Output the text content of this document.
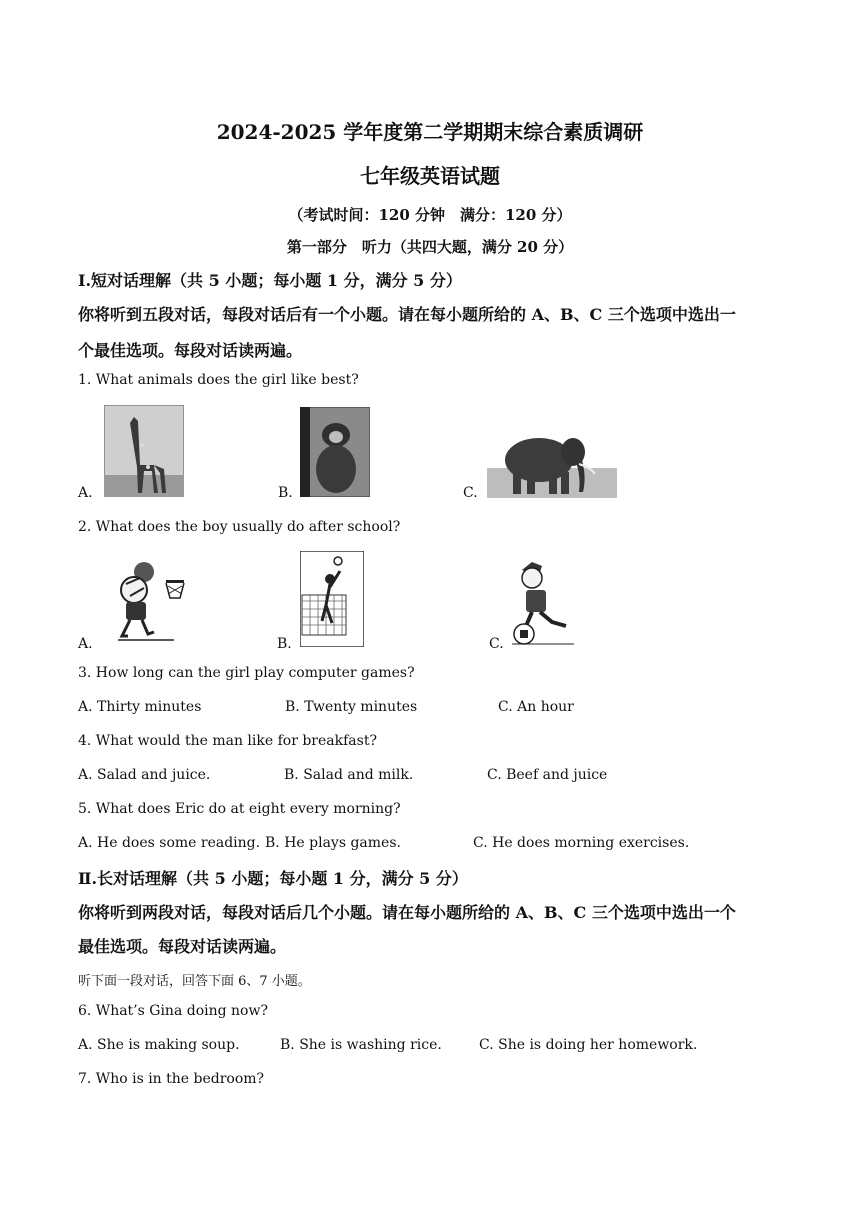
2024-2025 学年度第二学期期末综合素质调研
七年级英语试题
（考试时间：120 分钟　满分：120 分）
第一部分　听力（共四大题，满分 20 分）
Ⅰ.短对话理解（共 5 小题；每小题 1 分，满分 5 分）
你将听到五段对话，每段对话后有一个小题。请在每小题所给的 A、B、C 三个选项中选出一
个最佳选项。每段对话读两遍。
1. What animals does the girl like best?
A.	B.	C.
2. What does the boy usually do after school?
A.	B.	C.
3. How long can the girl play computer games?
A. Thirty minutes	B. Twenty minutes	C. An hour
4. What would the man like for breakfast?
A. Salad and juice.	B. Salad and milk.	C. Beef and juice
5. What does Eric do at eight every morning?
A. He does some reading. B. He plays games.	C. He does morning exercises.
Ⅱ.长对话理解（共 5 小题；每小题 1 分，满分 5 分）
你将听到两段对话，每段对话后几个小题。请在每小题所给的 A、B、C 三个选项中选出一个
最佳选项。每段对话读两遍。
听下面一段对话，回答下面 6、7 小题。
6. What’s Gina doing now?
A. She is making soup.	B. She is washing rice.	C. She is doing her homework.
7. Who is in the bedroom?
